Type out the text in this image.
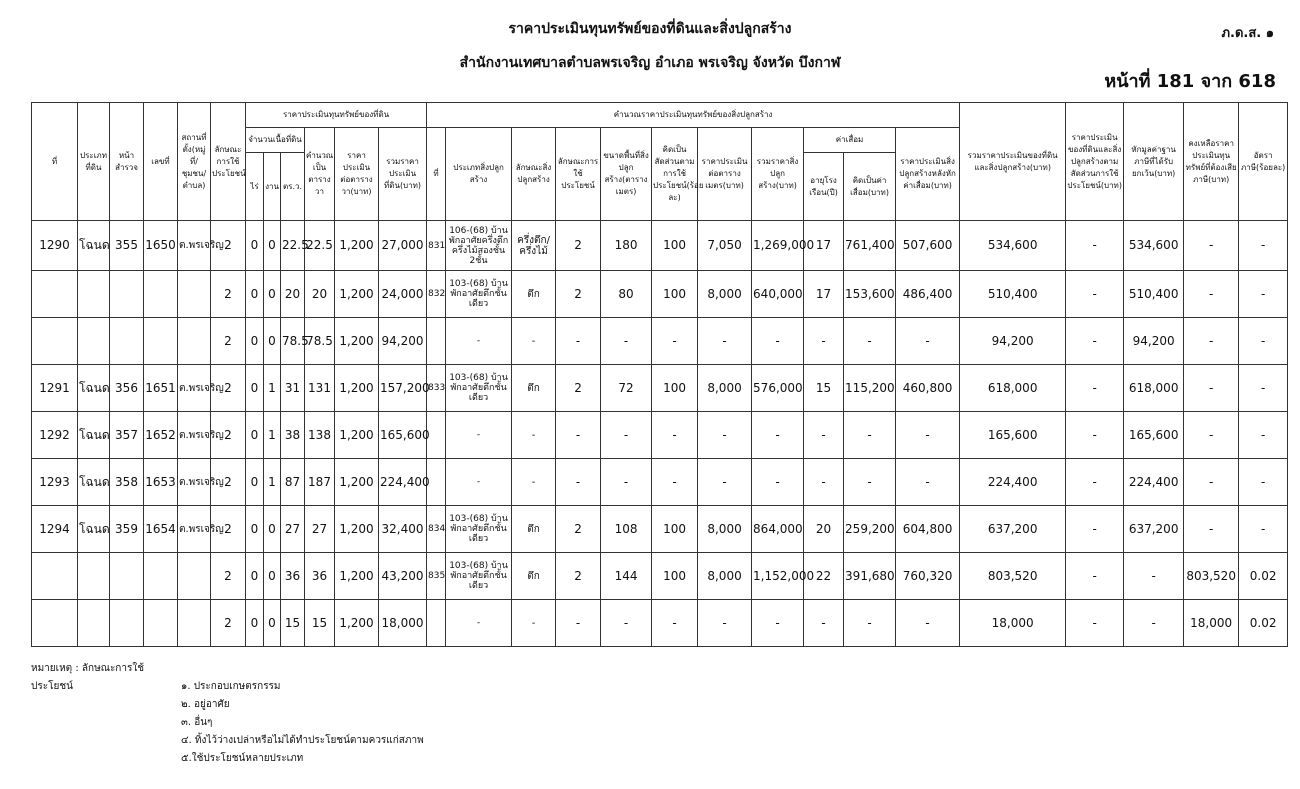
ราคาประเมินทุนทรัพย์ของที่ดินและสิ่งปลูกสร้าง
สำนักงานเทศบาลตำบลพรเจริญ อำเภอ พรเจริญ จังหวัด บึงกาฬ
ภ.ด.ส. ๑
หน้าที่ 181 จาก 618
ที่	ประเภทที่ดิน	หน้าสำรวจ	เลขที่	สถานที่ตั้ง(หมู่ที่/ชุมชน/ตำบล)	ลักษณะการใช้ประโยชน์	ราคาประเมินทุนทรัพย์ของที่ดิน						คำนวณราคาประเมินทุนทรัพย์ของสิ่งปลูกสร้าง											รวมราคาประเมินของที่ดินและสิ่งปลูกสร้าง(บาท)	ราคาประเมินของที่ดินและสิ่งปลูกสร้างตามสัดส่วนการใช้ประโยชน์(บาท)	หักมูลค่าฐานภาษีที่ได้รับยกเว้น(บาท)	คงเหลือราคาประเมินทุนทรัพย์ที่ต้องเสียภาษี(บาท)	อัตราภาษี(ร้อยละ)
						จำนวนเนื้อที่ดิน			คำนวณเป็นตารางวา	ราคาประเมินต่อตารางวา(บาท)	รวมราคาประเมินที่ดิน(บาท)	ที่	ประเภทสิ่งปลูกสร้าง	ลักษณะสิ่งปลูกสร้าง	ลักษณะการใช้ประโยชน์	ขนาดพื้นที่สิ่งปลูกสร้าง(ตารางเมตร)	คิดเป็นสัดส่วนตามการใช้ประโยชน์(ร้อยละ)	ราคาประเมินต่อตารางเมตร(บาท)	รวมราคาสิ่งปลูกสร้าง(บาท)	ค่าเสื่อม		ราคาประเมินสิ่งปลูกสร้างหลังหักค่าเสื่อม(บาท)					
						ไร่	งาน	ตร.ว.												อายุโรงเรือน(ปี)	คิดเป็นค่าเสื่อม(บาท)						
1290	โฉนด	355	1650	ต.พรเจริญ	2	0	0	22.5	22.5	1,200	27,000	831	106-(68) บ้านพักอาศัยครึ่งตึกครึ่งไม้สองชั้น 2ชั้น	ครึ่งตึก/ครึ่งไม้	2	180	100	7,050	1,269,000	17	761,400	507,600	534,600	-	534,600	-	-
					2	0	0	20	20	1,200	24,000	832	103-(68) บ้านพักอาศัยตึกชั้นเดียว	ตึก	2	80	100	8,000	640,000	17	153,600	486,400	510,400	-	510,400	-	-
					2	0	0	78.5	78.5	1,200	94,200		-	-	-	-	-	-	-	-	-	-	94,200	-	94,200	-	-
1291	โฉนด	356	1651	ต.พรเจริญ	2	0	1	31	131	1,200	157,200	833	103-(68) บ้านพักอาศัยตึกชั้นเดียว	ตึก	2	72	100	8,000	576,000	15	115,200	460,800	618,000	-	618,000	-	-
1292	โฉนด	357	1652	ต.พรเจริญ	2	0	1	38	138	1,200	165,600		-	-	-	-	-	-	-	-	-	-	165,600	-	165,600	-	-
1293	โฉนด	358	1653	ต.พรเจริญ	2	0	1	87	187	1,200	224,400		-	-	-	-	-	-	-	-	-	-	224,400	-	224,400	-	-
1294	โฉนด	359	1654	ต.พรเจริญ	2	0	0	27	27	1,200	32,400	834	103-(68) บ้านพักอาศัยตึกชั้นเดียว	ตึก	2	108	100	8,000	864,000	20	259,200	604,800	637,200	-	637,200	-	-
					2	0	0	36	36	1,200	43,200	835	103-(68) บ้านพักอาศัยตึกชั้นเดียว	ตึก	2	144	100	8,000	1,152,000	22	391,680	760,320	803,520	-	-	803,520	0.02
					2	0	0	15	15	1,200	18,000		-	-	-	-	-	-	-	-	-	-	18,000	-	-	18,000	0.02
หมายเหตุ : ลักษณะการใช้ประโยชน์	๑. ประกอบเกษตรกรรม
๒. อยู่อาศัย
๓. อื่นๆ
๔. ทิ้งไว้ว่างเปล่าหรือไม่ได้ทำประโยชน์ตามควรแก่สภาพ
๕.ใช้ประโยชน์หลายประเภท
